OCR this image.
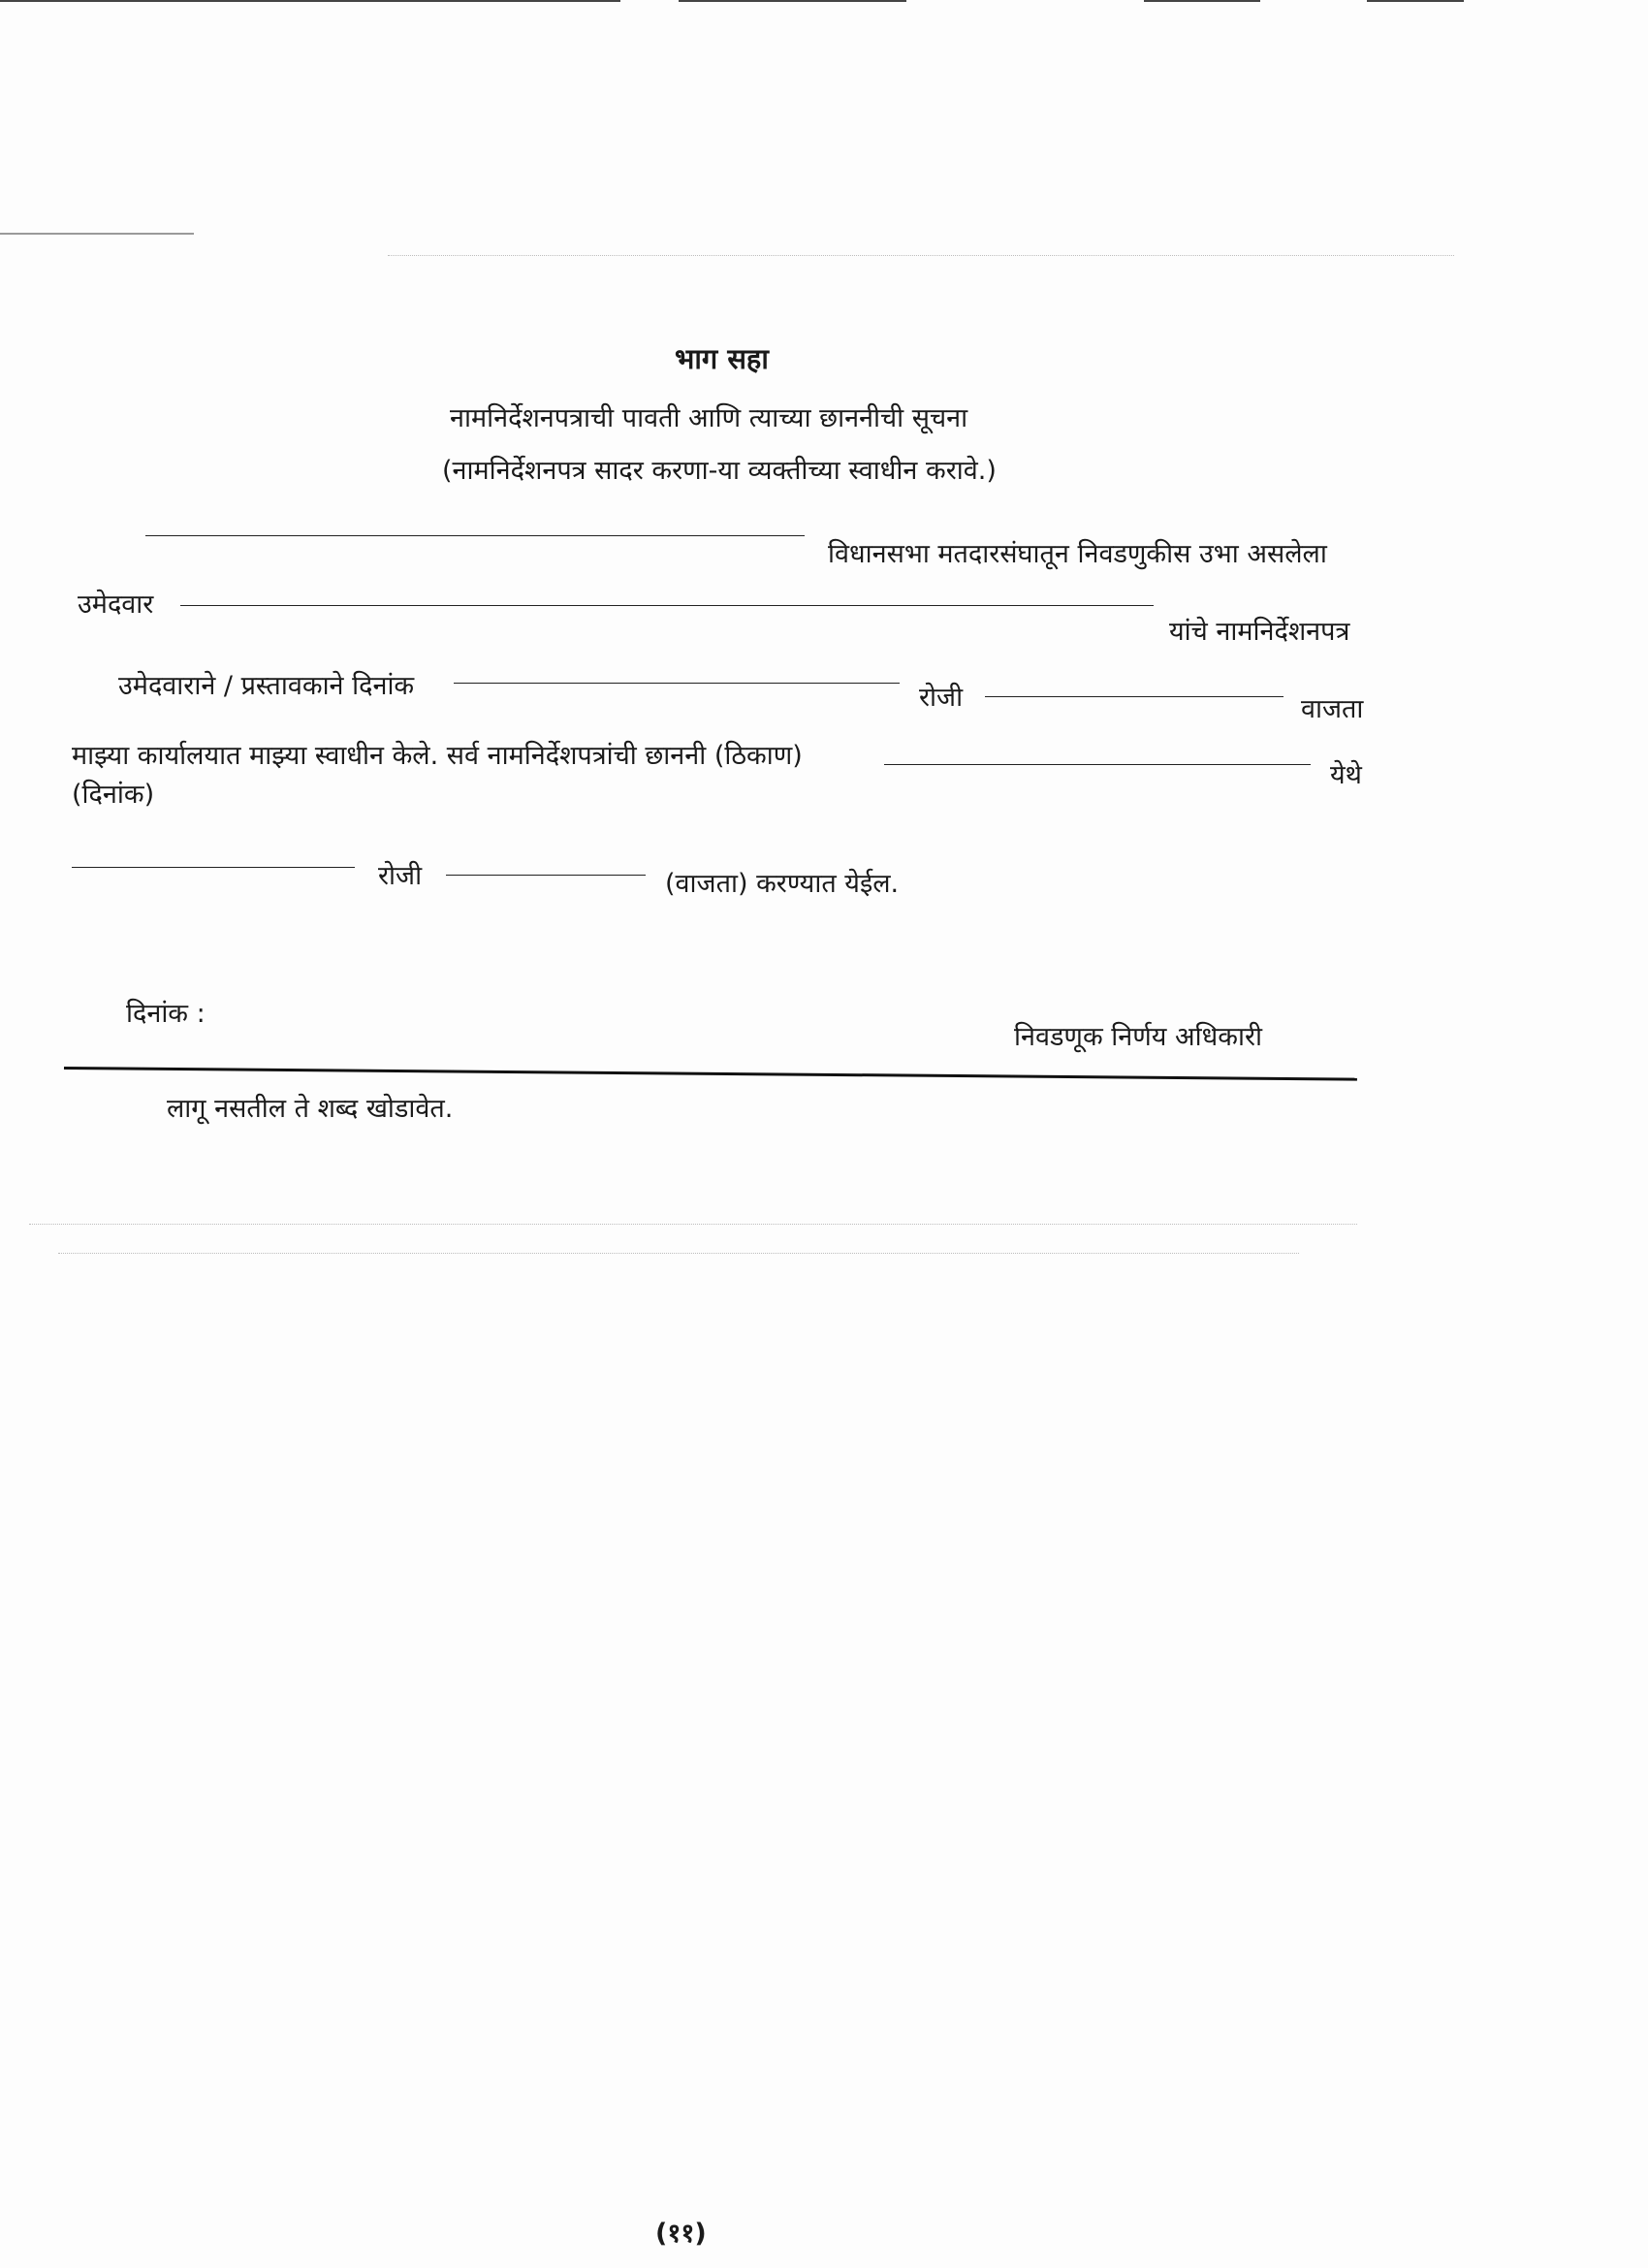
भाग सहा
नामनिर्देशनपत्राची पावती आणि त्याच्या छाननीची सूचना
(नामनिर्देशनपत्र सादर करणा-या व्यक्तीच्या स्वाधीन करावे.)
विधानसभा मतदारसंघातून निवडणुकीस उभा असलेला
उमेदवार
यांचे नामनिर्देशनपत्र
उमेदवाराने / प्रस्तावकाने दिनांक	रोजी	वाजता
माझ्या कार्यालयात माझ्या स्वाधीन केले. सर्व नामनिर्देशपत्रांची छाननी (ठिकाण)
येथे
(दिनांक)
रोजी	(वाजता) करण्यात येईल.
दिनांक :
निवडणूक निर्णय अधिकारी
लागू नसतील ते शब्द खोडावेत.
(११)
